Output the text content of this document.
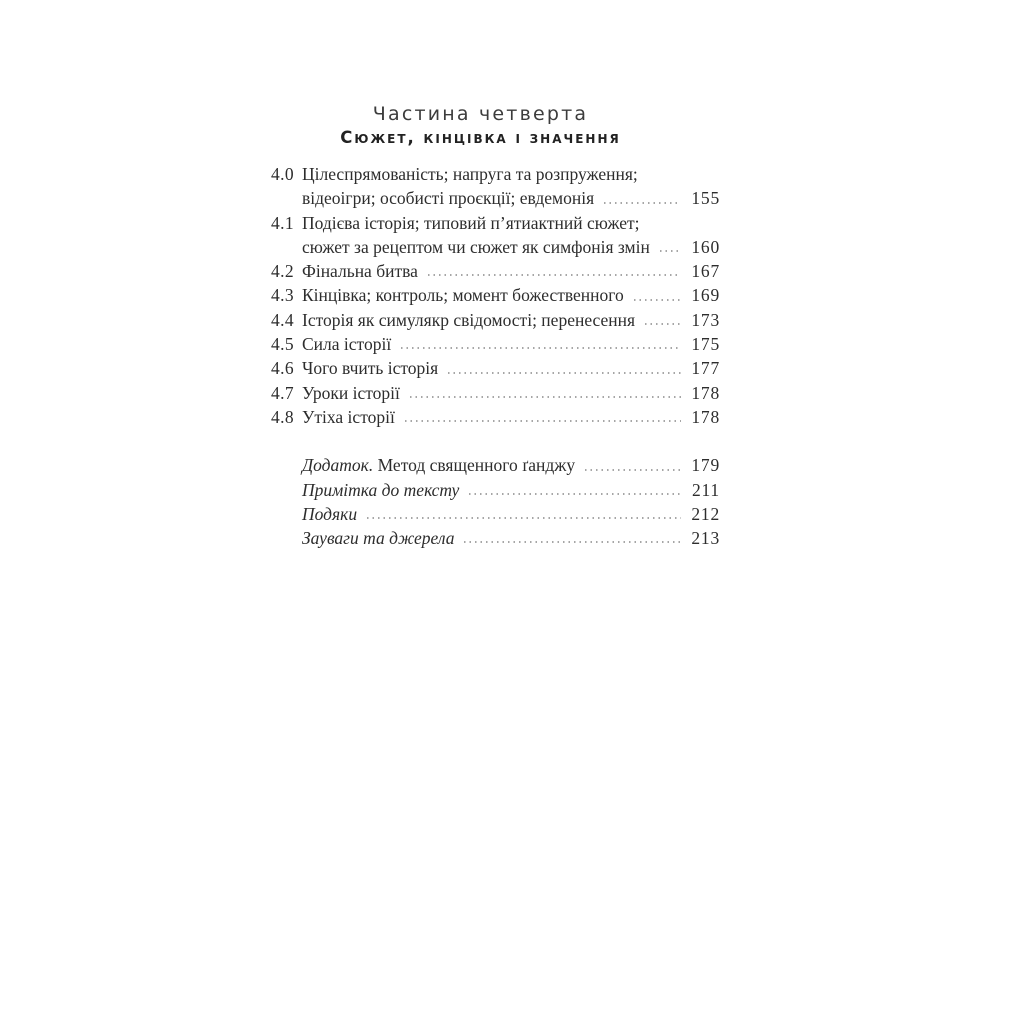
Частина четверта
Сюжет, кінцівка і значення
4.0 Цілеспрямованість; напруга та розпруження;
відеоігри; особисті проєкції; евдемонія	155
4.1 Подієва історія; типовий п’ятиактний сюжет;
сюжет за рецептом чи сюжет як симфонія змін 160
4.2 Фінальна битва	167
4.3 Кінцівка; контроль; момент божественного	169
4.4 Історія як симулякр свідомості; перенесення	173
4.5 Сила історії	175
4.6 Чого вчить історія	177
4.7 Уроки історії	178
4.8 Утіха історії	178
Додаток. Метод священного ґанджу	179
Примітка до тексту	211
Подяки	212
Зауваги та джерела	213
